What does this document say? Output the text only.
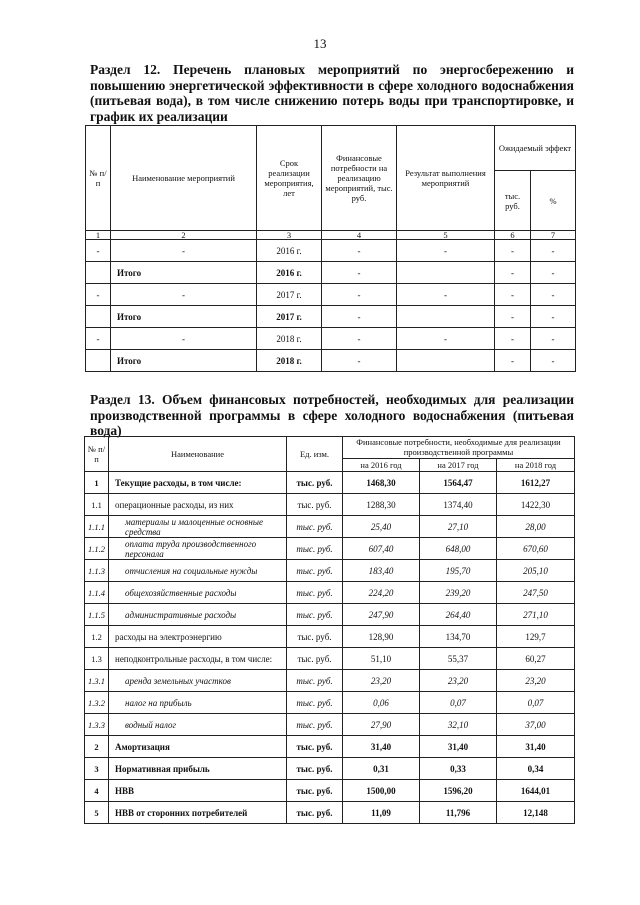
13
Раздел 12. Перечень плановых мероприятий по энергосбережению и повышению энергетической эффективности в сфере холодного водоснабжения (питьевая вода), в том числе снижению потерь воды при транспортировке, и график их реализации
№ п/п	Наименование мероприятий	Срок реализации мероприятия, лет	Финансовые потребности на реализацию мероприятий, тыс. руб.	Результат выполнения мероприятий	Ожидаемый эффект	
					тыс. руб.	%
1	2	3	4	5	6	7
-	-	2016 г.	-	-	-	-
	Итого	2016 г.	-		-	-
-	-	2017 г.	-	-	-	-
	Итого	2017 г.	-		-	-
-	-	2018 г.	-	-	-	-
	Итого	2018 г.	-		-	-
Раздел 13. Объем финансовых потребностей, необходимых для реализации производственной программы в сфере холодного водоснабжения (питьевая вода)
№ п/п	Наименование	Ед. изм.	Финансовые потребности, необходимые для реализации производственной программы		
			на 2016 год	на 2017 год	на 2018 год
1	Текущие расходы, в том числе:	тыс. руб.	1468,30	1564,47	1612,27
1.1	операционные расходы, из них	тыс. руб.	1288,30	1374,40	1422,30
1.1.1	материалы и малоценные основные средства	тыс. руб.	25,40	27,10	28,00
1.1.2	оплата труда производственного персонала	тыс. руб.	607,40	648,00	670,60
1.1.3	отчисления на социальные нужды	тыс. руб.	183,40	195,70	205,10
1.1.4	общехозяйственные расходы	тыс. руб.	224,20	239,20	247,50
1.1.5	административные расходы	тыс. руб.	247,90	264,40	271,10
1.2	расходы на электроэнергию	тыс. руб.	128,90	134,70	129,7
1.3	неподконтрольные расходы, в том числе:	тыс. руб.	51,10	55,37	60,27
1.3.1	аренда земельных участков	тыс. руб.	23,20	23,20	23,20
1.3.2	налог на прибыль	тыс. руб.	0,06	0,07	0,07
1.3.3	водный налог	тыс. руб.	27,90	32,10	37,00
2	Амортизация	тыс. руб.	31,40	31,40	31,40
3	Нормативная прибыль	тыс. руб.	0,31	0,33	0,34
4	НВВ	тыс. руб.	1500,00	1596,20	1644,01
5	НВВ от сторонних потребителей	тыс. руб.	11,09	11,796	12,148
